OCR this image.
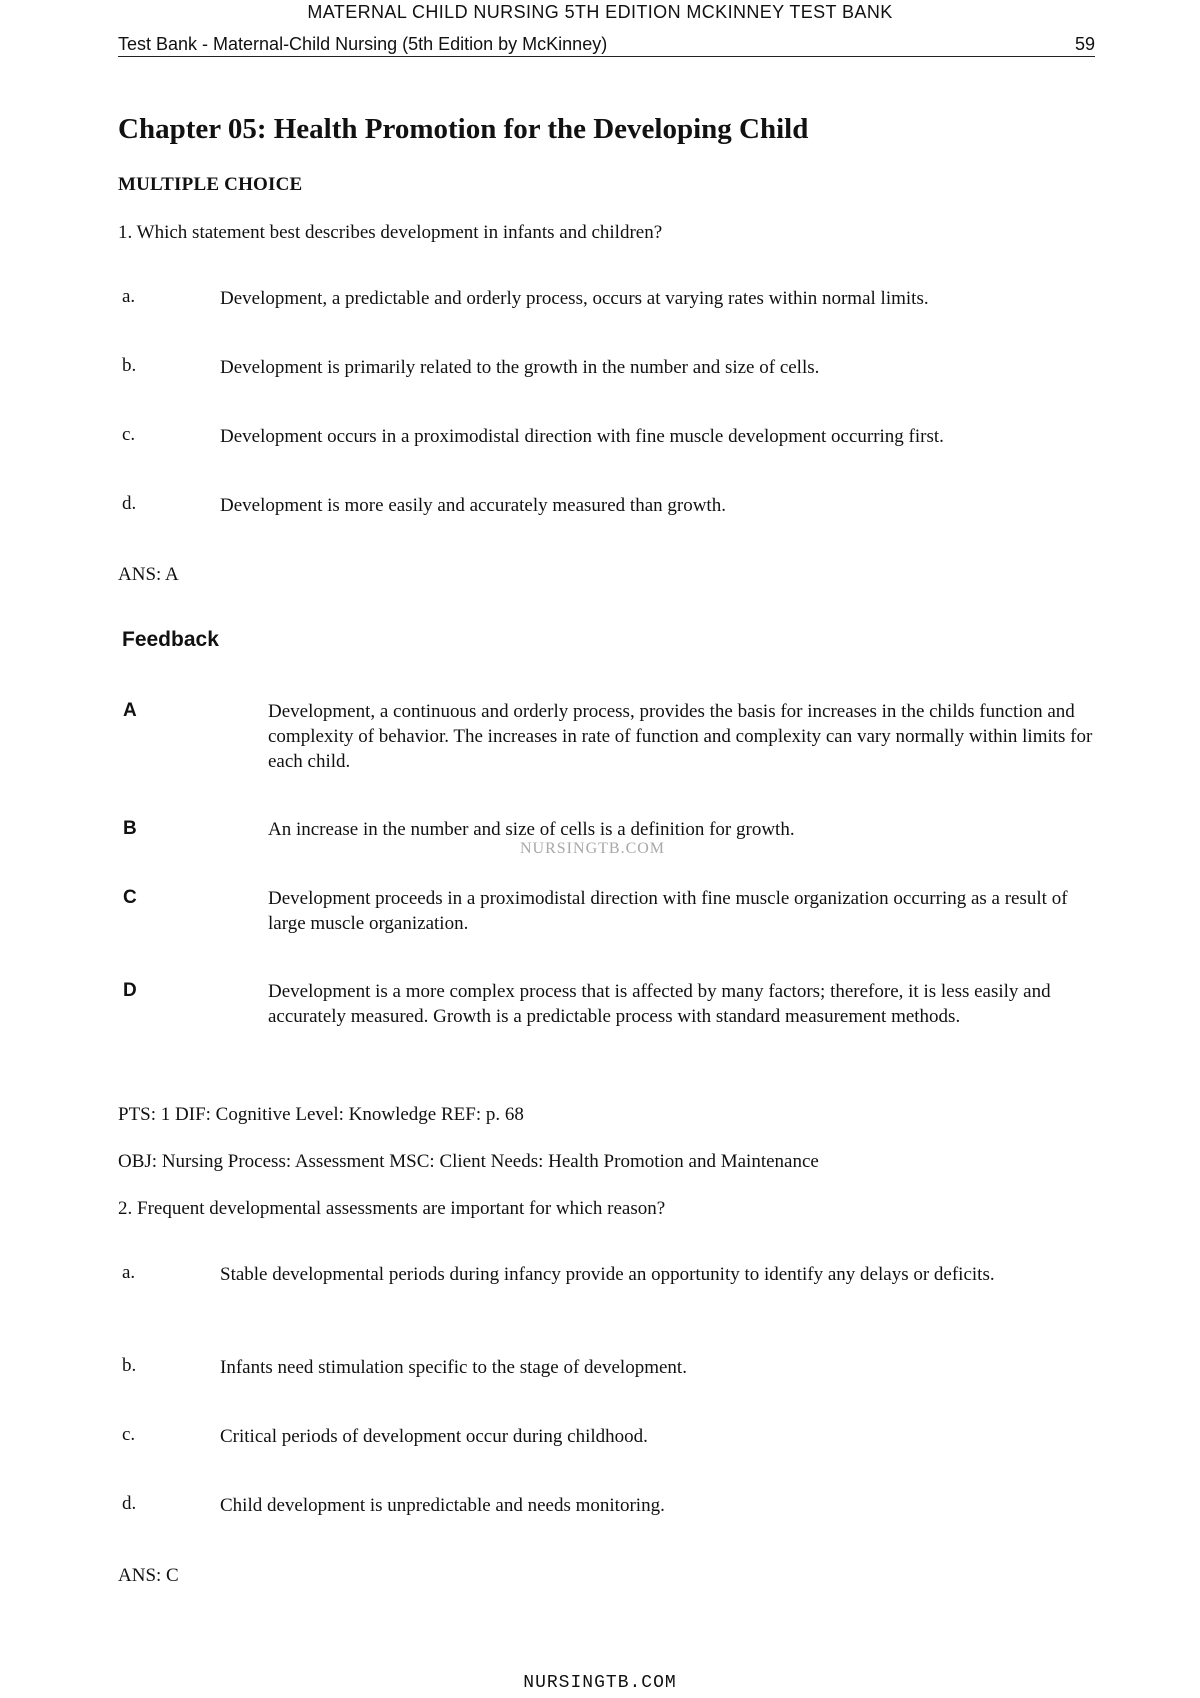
MATERNAL CHILD NURSING 5TH EDITION MCKINNEY TEST BANK
Test Bank - Maternal-Child Nursing (5th Edition by McKinney)	59
Chapter 05: Health Promotion for the Developing Child
MULTIPLE CHOICE
1. Which statement best describes development in infants and children?
a.	Development, a predictable and orderly process, occurs at varying rates within normal limits.
b.	Development is primarily related to the growth in the number and size of cells.
c.	Development occurs in a proximodistal direction with fine muscle development occurring first.
d.	Development is more easily and accurately measured than growth.
ANS: A
Feedback
A	Development, a continuous and orderly process, provides the basis for increases in the childs function and complexity of behavior. The increases in rate of function and complexity can vary normally within limits for each child.
B	An increase in the number and size of cells is a definition for growth.
NURSINGTB.COM
C	Development proceeds in a proximodistal direction with fine muscle organization occurring as a result of large muscle organization.
D	Development is a more complex process that is affected by many factors; therefore, it is less easily and accurately measured. Growth is a predictable process with standard measurement methods.
PTS: 1 DIF: Cognitive Level: Knowledge REF: p. 68
OBJ: Nursing Process: Assessment MSC: Client Needs: Health Promotion and Maintenance
2. Frequent developmental assessments are important for which reason?
a.	Stable developmental periods during infancy provide an opportunity to identify any delays or deficits.
b.	Infants need stimulation specific to the stage of development.
c.	Critical periods of development occur during childhood.
d.	Child development is unpredictable and needs monitoring.
ANS: C
NURSINGTB.COM
